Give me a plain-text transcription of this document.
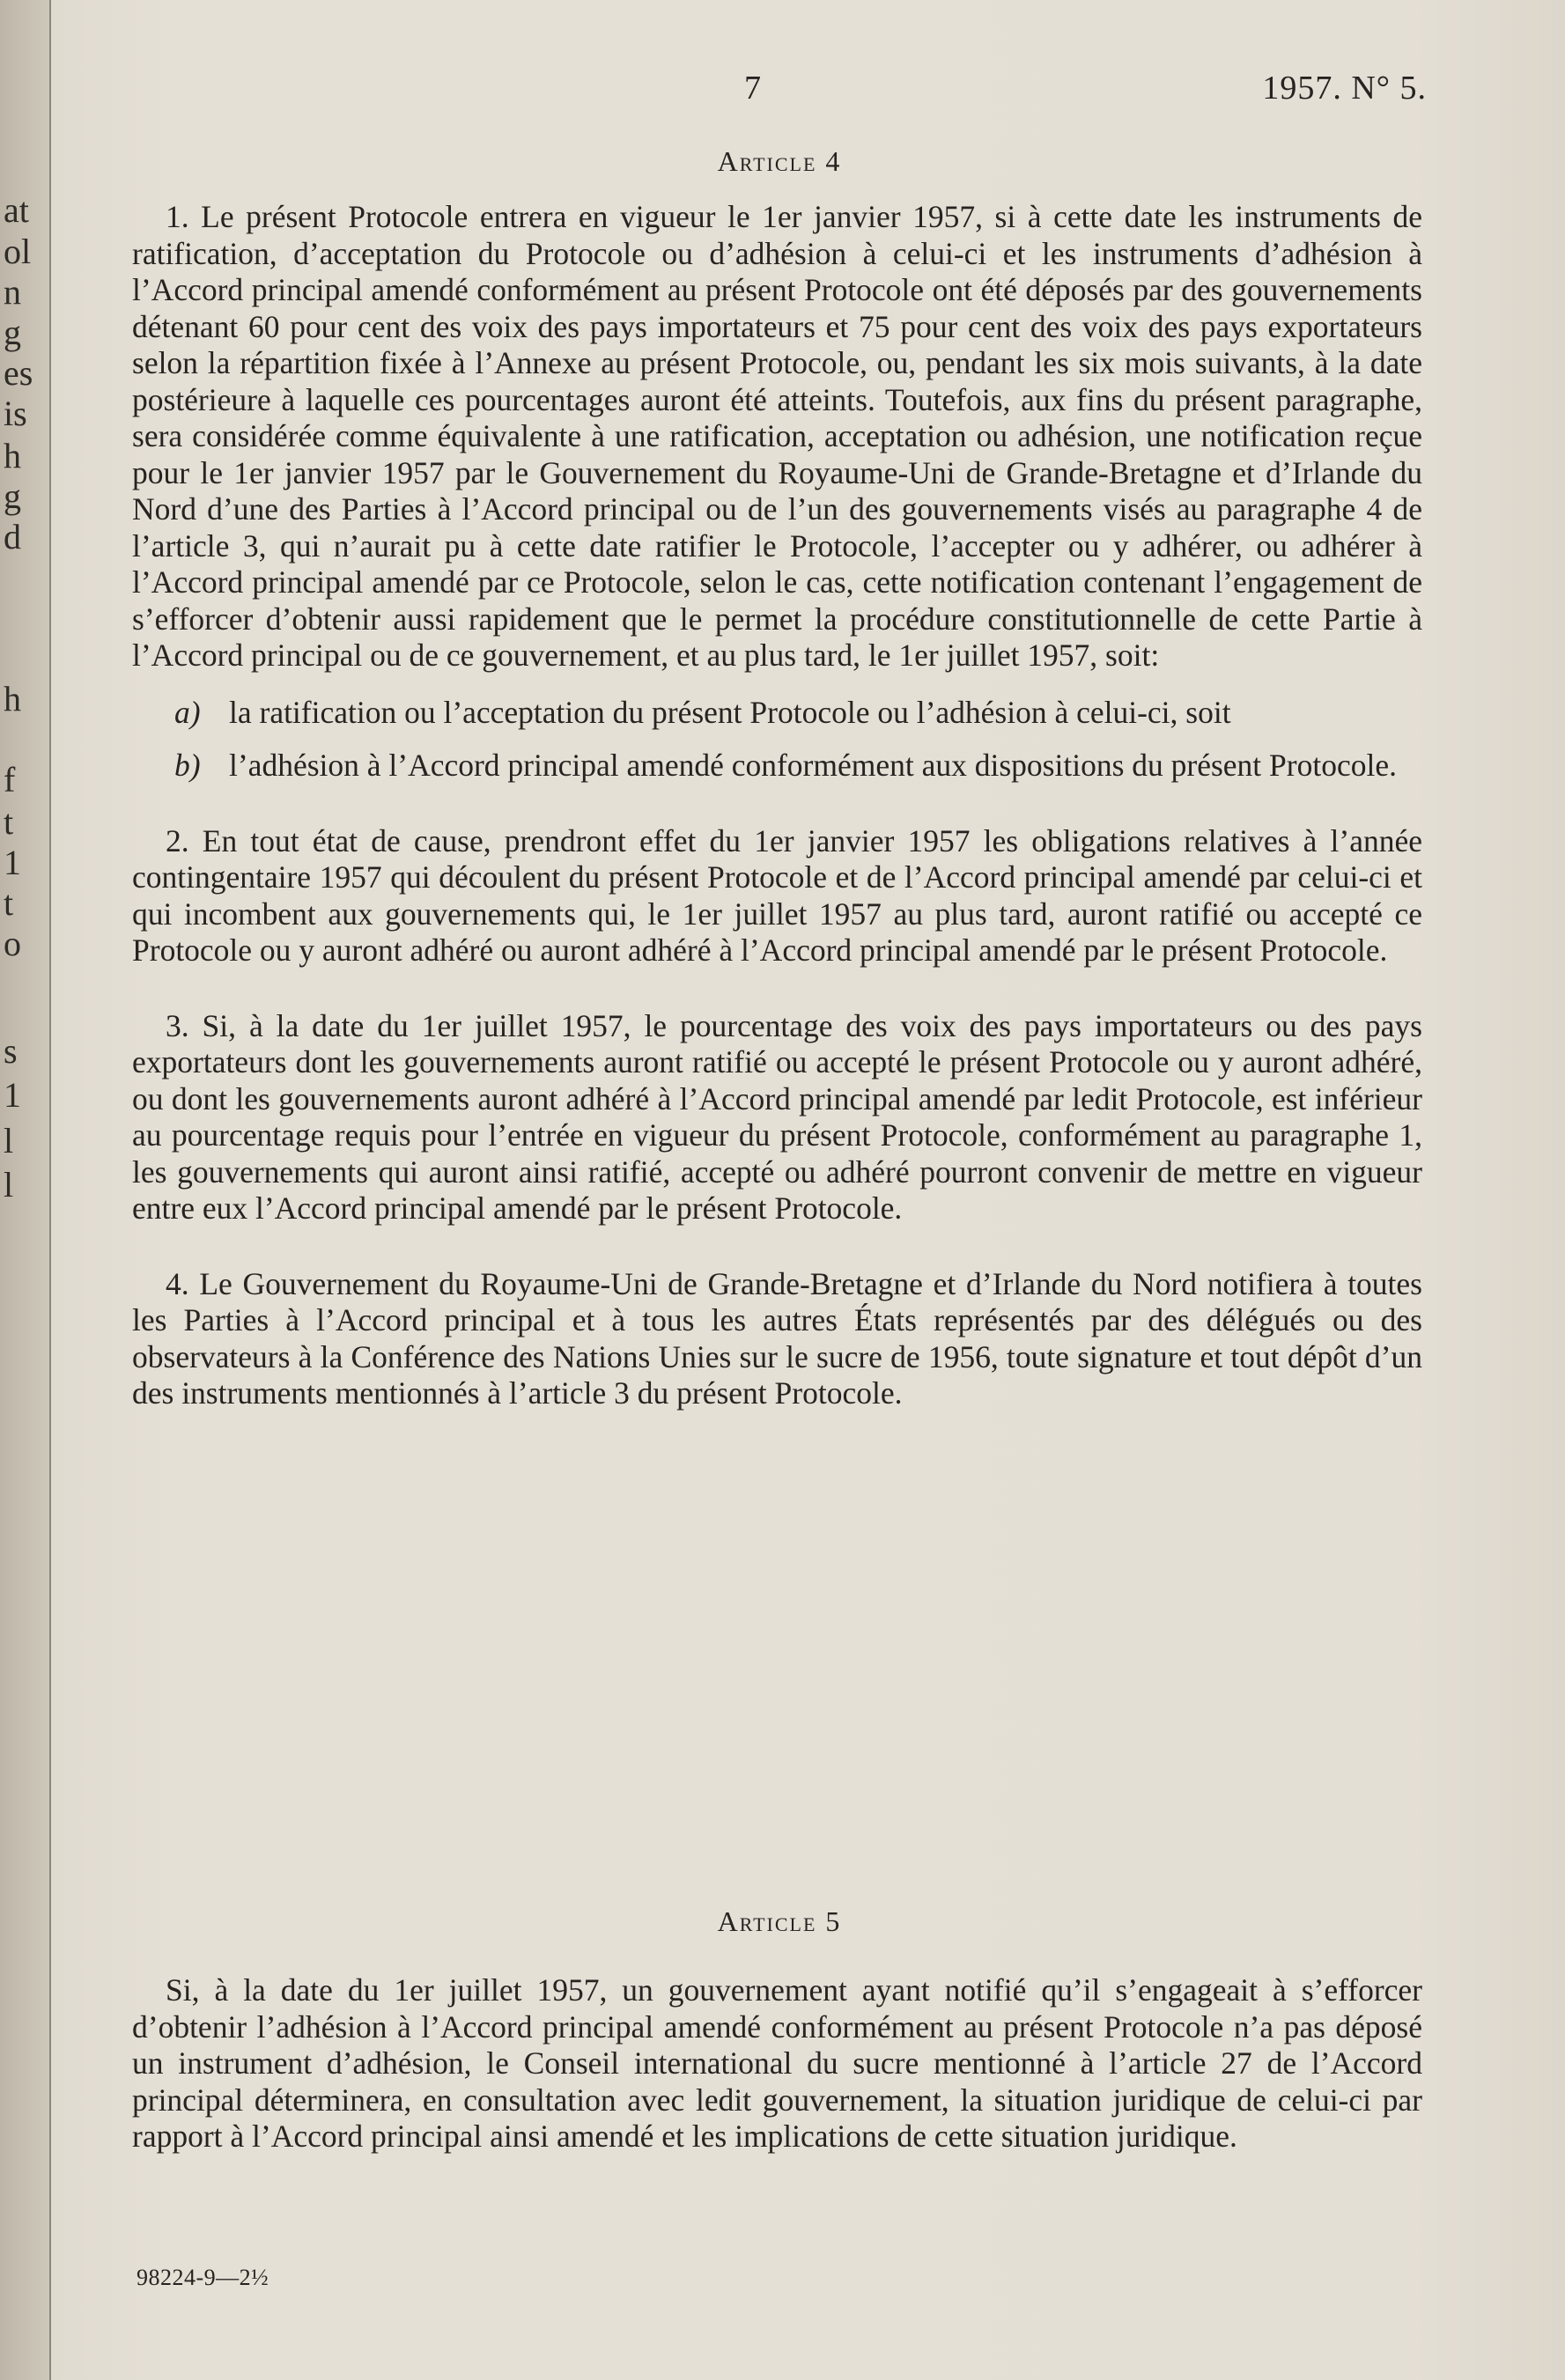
at
ol
n
g
es
is
h
g
d
h
f
t
1
t
o
s
1
l
l
7	1957. N° 5.
Article 4

1. Le présent Protocole entrera en vigueur le 1er janvier 1957, si à cette date les instruments de ratification, d’acceptation du Protocole ou d’adhésion à celui-ci et les instruments d’adhésion à l’Accord principal amendé conformément au présent Protocole ont été déposés par des gouvernements détenant 60 pour cent des voix des pays importateurs et 75 pour cent des voix des pays exportateurs selon la répartition fixée à l’Annexe au présent Protocole, ou, pendant les six mois suivants, à la date postérieure à laquelle ces pourcentages auront été atteints. Toutefois, aux fins du présent paragraphe, sera considérée comme équivalente à une ratification, acceptation ou adhésion, une notification reçue pour le 1er janvier 1957 par le Gouvernement du Royaume-Uni de Grande-Bretagne et d’Irlande du Nord d’une des Parties à l’Accord principal ou de l’un des gouvernements visés au paragraphe 4 de l’article 3, qui n’aurait pu à cette date ratifier le Protocole, l’accepter ou y adhérer, ou adhérer à l’Accord principal amendé par ce Protocole, selon le cas, cette notification contenant l’engagement de s’efforcer d’obtenir aussi rapidement que le permet la procédure constitutionnelle de cette Partie à l’Accord principal ou de ce gouvernement, et au plus tard, le 1er juillet 1957, soit:

a) la ratification ou l’acceptation du présent Protocole ou l’adhésion à celui-ci, soit
b) l’adhésion à l’Accord principal amendé conformément aux dispositions du présent Protocole.

2. En tout état de cause, prendront effet du 1er janvier 1957 les obligations relatives à l’année contingentaire 1957 qui découlent du présent Protocole et de l’Accord principal amendé par celui-ci et qui incombent aux gouvernements qui, le 1er juillet 1957 au plus tard, auront ratifié ou accepté ce Protocole ou y auront adhéré ou auront adhéré à l’Accord principal amendé par le présent Protocole.

3. Si, à la date du 1er juillet 1957, le pourcentage des voix des pays importateurs ou des pays exportateurs dont les gouvernements auront ratifié ou accepté le présent Protocole ou y auront adhéré, ou dont les gouvernements auront adhéré à l’Accord principal amendé par ledit Protocole, est inférieur au pourcentage requis pour l’entrée en vigueur du présent Protocole, conformément au paragraphe 1, les gouvernements qui auront ainsi ratifié, accepté ou adhéré pourront convenir de mettre en vigueur entre eux l’Accord principal amendé par le présent Protocole.

4. Le Gouvernement du Royaume-Uni de Grande-Bretagne et d’Irlande du Nord notifiera à toutes les Parties à l’Accord principal et à tous les autres États représentés par des délégués ou des observateurs à la Conférence des Nations Unies sur le sucre de 1956, toute signature et tout dépôt d’un des instruments mentionnés à l’article 3 du présent Protocole.

Article 5

Si, à la date du 1er juillet 1957, un gouvernement ayant notifié qu’il s’engageait à s’efforcer d’obtenir l’adhésion à l’Accord principal amendé conformément au présent Protocole n’a pas déposé un instrument d’adhésion, le Conseil international du sucre mentionné à l’article 27 de l’Accord principal déterminera, en consultation avec ledit gouvernement, la situation juridique de celui-ci par rapport à l’Accord principal ainsi amendé et les implications de cette situation juridique.

98224-9—2½
